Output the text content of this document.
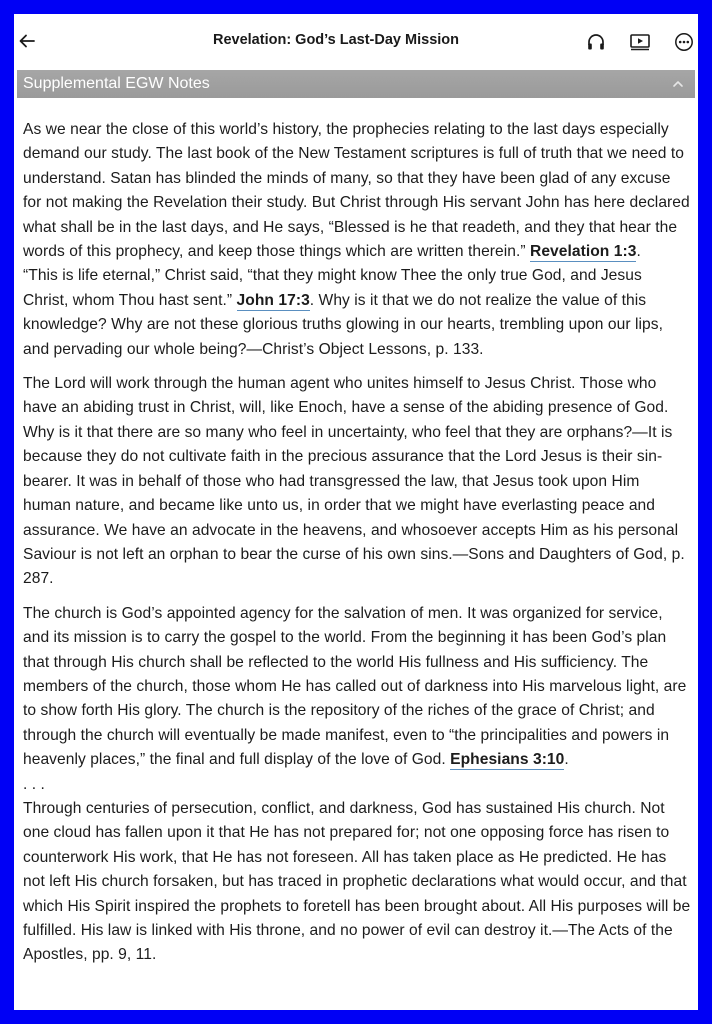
Revelation: God’s Last-Day Mission
Supplemental EGW Notes
As we near the close of this world’s history, the prophecies relating to the last days especially demand our study. The last book of the New Testament scriptures is full of truth that we need to understand. Satan has blinded the minds of many, so that they have been glad of any excuse for not making the Revelation their study. But Christ through His servant John has here declared what shall be in the last days, and He says, “Blessed is he that readeth, and they that hear the words of this prophecy, and keep those things which are written therein.” Revelation 1:3.
“This is life eternal,” Christ said, “that they might know Thee the only true God, and Jesus Christ, whom Thou hast sent.” John 17:3. Why is it that we do not realize the value of this knowledge? Why are not these glorious truths glowing in our hearts, trembling upon our lips, and pervading our whole being?—Christ’s Object Lessons, p. 133.
The Lord will work through the human agent who unites himself to Jesus Christ. Those who have an abiding trust in Christ, will, like Enoch, have a sense of the abiding presence of God. Why is it that there are so many who feel in uncertainty, who feel that they are orphans?—It is because they do not cultivate faith in the precious assurance that the Lord Jesus is their sin-bearer. It was in behalf of those who had transgressed the law, that Jesus took upon Him human nature, and became like unto us, in order that we might have everlasting peace and assurance. We have an advocate in the heavens, and whosoever accepts Him as his personal Saviour is not left an orphan to bear the curse of his own sins.—Sons and Daughters of God, p. 287.
The church is God’s appointed agency for the salvation of men. It was organized for service, and its mission is to carry the gospel to the world. From the beginning it has been God’s plan that through His church shall be reflected to the world His fullness and His sufficiency. The members of the church, those whom He has called out of darkness into His marvelous light, are to show forth His glory. The church is the repository of the riches of the grace of Christ; and through the church will eventually be made manifest, even to “the principalities and powers in heavenly places,” the final and full display of the love of God. Ephesians 3:10.
. . .
Through centuries of persecution, conflict, and darkness, God has sustained His church. Not one cloud has fallen upon it that He has not prepared for; not one opposing force has risen to counterwork His work, that He has not foreseen. All has taken place as He predicted. He has not left His church forsaken, but has traced in prophetic declarations what would occur, and that which His Spirit inspired the prophets to foretell has been brought about. All His purposes will be fulfilled. His law is linked with His throne, and no power of evil can destroy it.—The Acts of the Apostles, pp. 9, 11.
